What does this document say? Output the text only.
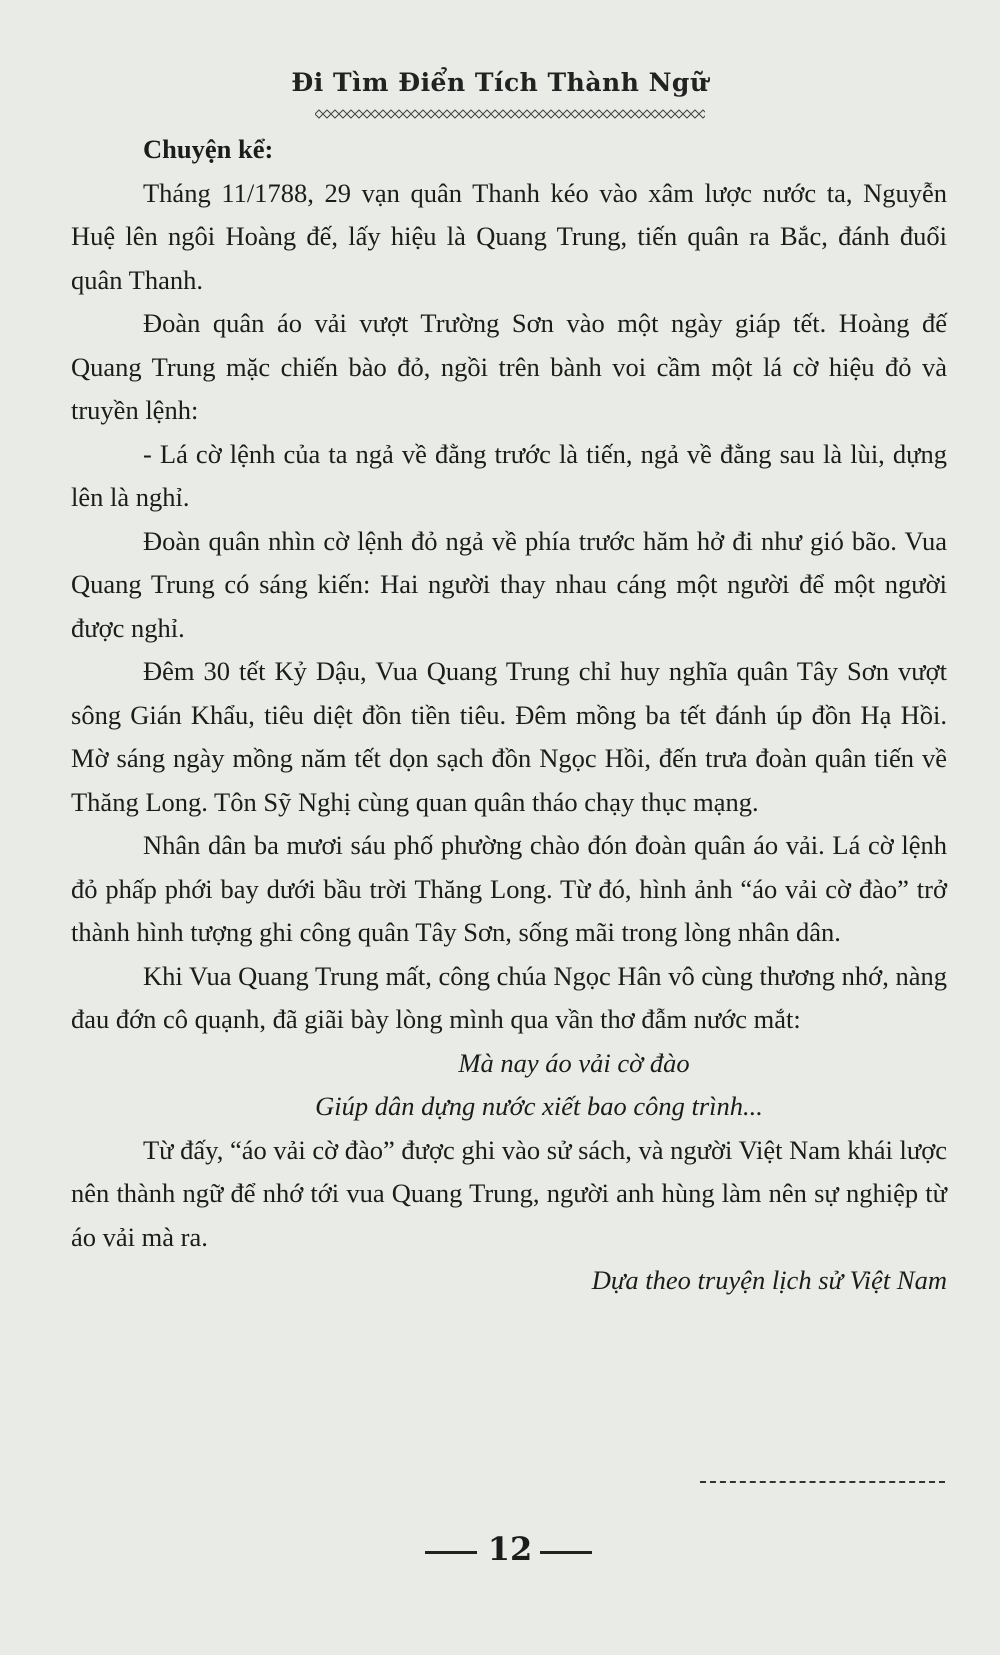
Đi Tìm Điển Tích Thành Ngữ
Chuyện kể:

Tháng 11/1788, 29 vạn quân Thanh kéo vào xâm lược nước ta, Nguyễn Huệ lên ngôi Hoàng đế, lấy hiệu là Quang Trung, tiến quân ra Bắc, đánh đuổi quân Thanh.

Đoàn quân áo vải vượt Trường Sơn vào một ngày giáp tết. Hoàng đế Quang Trung mặc chiến bào đỏ, ngồi trên bành voi cầm một lá cờ hiệu đỏ và truyền lệnh:

- Lá cờ lệnh của ta ngả về đằng trước là tiến, ngả về đằng sau là lùi, dựng lên là nghỉ.

Đoàn quân nhìn cờ lệnh đỏ ngả về phía trước hăm hở đi như gió bão. Vua Quang Trung có sáng kiến: Hai người thay nhau cáng một người để một người được nghỉ.

Đêm 30 tết Kỷ Dậu, Vua Quang Trung chỉ huy nghĩa quân Tây Sơn vượt sông Gián Khẩu, tiêu diệt đồn tiền tiêu. Đêm mồng ba tết đánh úp đồn Hạ Hồi. Mờ sáng ngày mồng năm tết dọn sạch đồn Ngọc Hồi, đến trưa đoàn quân tiến về Thăng Long. Tôn Sỹ Nghị cùng quan quân tháo chạy thục mạng.

Nhân dân ba mươi sáu phố phường chào đón đoàn quân áo vải. Lá cờ lệnh đỏ phấp phới bay dưới bầu trời Thăng Long. Từ đó, hình ảnh “áo vải cờ đào” trở thành hình tượng ghi công quân Tây Sơn, sống mãi trong lòng nhân dân.

Khi Vua Quang Trung mất, công chúa Ngọc Hân vô cùng thương nhớ, nàng đau đớn cô quạnh, đã giãi bày lòng mình qua vần thơ đẫm nước mắt:

Mà nay áo vải cờ đào
Giúp dân dựng nước xiết bao công trình...

Từ đấy, “áo vải cờ đào” được ghi vào sử sách, và người Việt Nam khái lược nên thành ngữ để nhớ tới vua Quang Trung, người anh hùng làm nên sự nghiệp từ áo vải mà ra.

Dựa theo truyện lịch sử Việt Nam
12
